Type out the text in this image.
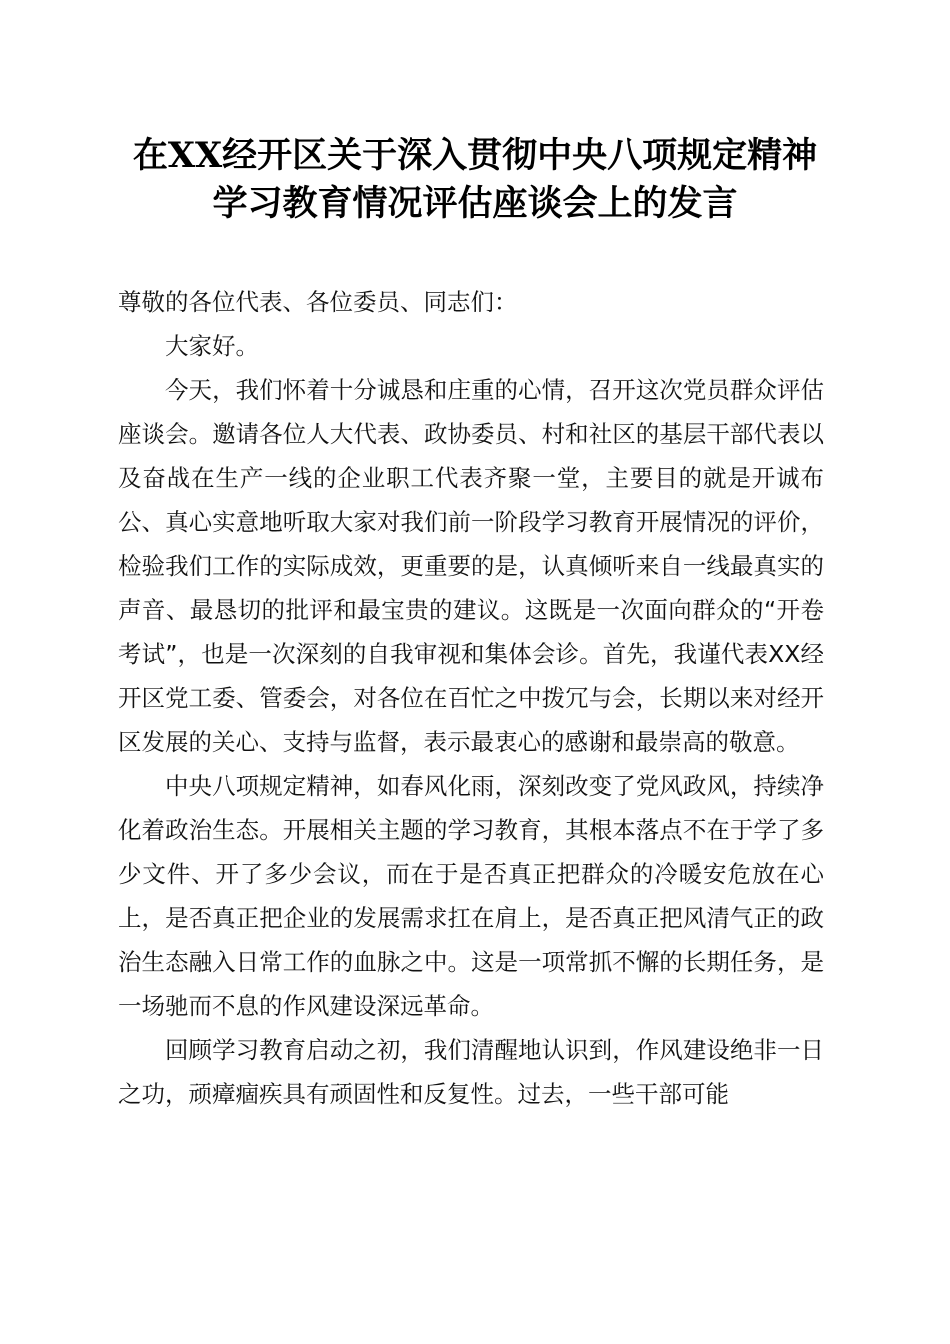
在XX经开区关于深入贯彻中央八项规定精神
学习教育情况评估座谈会上的发言

尊敬的各位代表、各位委员、同志们：

大家好。

今天，我们怀着十分诚恳和庄重的心情，召开这次党员群众评估座谈会。邀请各位人大代表、政协委员、村和社区的基层干部代表以及奋战在生产一线的企业职工代表齐聚一堂，主要目的就是开诚布公、真心实意地听取大家对我们前一阶段学习教育开展情况的评价，检验我们工作的实际成效，更重要的是，认真倾听来自一线最真实的声音、最恳切的批评和最宝贵的建议。这既是一次面向群众的“开卷考试”，也是一次深刻的自我审视和集体会诊。首先，我谨代表XX经开区党工委、管委会，对各位在百忙之中拨冗与会，长期以来对经开区发展的关心、支持与监督，表示最衷心的感谢和最崇高的敬意。

中央八项规定精神，如春风化雨，深刻改变了党风政风，持续净化着政治生态。开展相关主题的学习教育，其根本落点不在于学了多少文件、开了多少会议，而在于是否真正把群众的冷暖安危放在心上，是否真正把企业的发展需求扛在肩上，是否真正把风清气正的政治生态融入日常工作的血脉之中。这是一项常抓不懈的长期任务，是一场驰而不息的作风建设深远革命。

回顾学习教育启动之初，我们清醒地认识到，作风建设绝非一日之功，顽瘴痼疾具有顽固性和反复性。过去，一些干部可能
